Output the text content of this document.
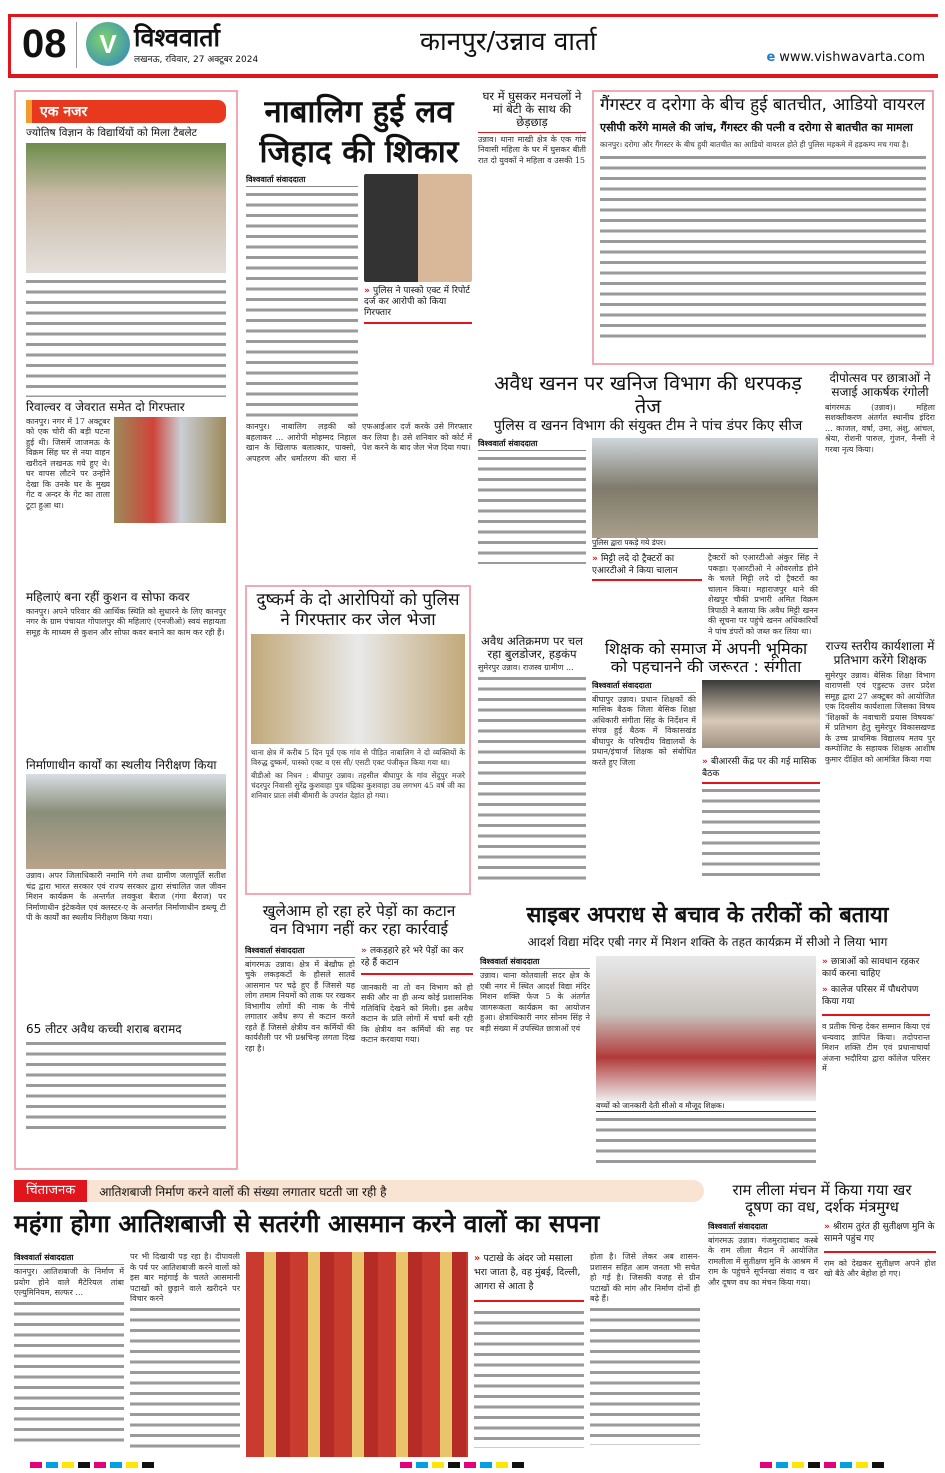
08	V विश्ववार्ता
लखनऊ, रविवार, 27 अक्टूबर 2024
कानपुर/उन्नाव वार्ता
e www.vishwavarta.com
एक नजर
ज्योतिष विज्ञान के विद्यार्थियों को मिला टैबलेट
रिवाल्वर व जेवरात समेत दो गिरफ्तार
कानपुर। नगर में 17 अक्टूबर को एक चोरी की बड़ी घटना हुई थी। जिसमें जाजमऊ के विक्रम सिंह घर से नया वाहन खरीदने लखनऊ गये हुए थे। घर वापस लौटने पर उन्होंने देखा कि उनके घर के मुख्य गेट व अन्दर के गेट का ताला टूटा हुआ था।
महिलाएं बना रहीं कुशन व सोफा कवर
कानपुर। अपने परिवार की आर्थिक स्थिति को सुधारने के लिए कानपुर नगर के ग्राम पंचायत गोपालपुर की महिलाएं (एनजीओ) स्वयं सहायता समूह के माध्यम से कुशन और सोफा कवर बनाने का काम कर रही हैं।
निर्माणाधीन कार्यों का स्थलीय निरीक्षण किया
उन्नाव। अपर जिलाधिकारी नमामि गंगे तथा ग्रामीण जलापूर्ति सतीश चंद्र द्वारा भारत सरकार एवं राज्य सरकार द्वारा संचालित जल जीवन मिशन कार्यक्रम के अन्तर्गत लवकुश बैराज (गंगा बैराज) पर निर्माणाधीन इंटेकवेल एवं क्लस्टर-ए के अन्तर्गत निर्माणाधीन डब्ल्यू टी पी के कार्यों का स्थलीय निरीक्षण किया गया।
65 लीटर अवैध कच्ची शराब बरामद
नाबालिग हुई लव
जिहाद की शिकार
विश्ववार्ता संवाददाता
» पुलिस ने पास्को एक्ट में रिपोर्ट दर्ज कर आरोपी को किया गिरफ्तार
कानपुर। नाबालिग लड़की को बहलाकर ... आरोपी मोहम्मद निहाल खान के खिलाफ बलात्कार, पाक्सो, अपहरण और धर्मांतरण की धारा में एफआईआर दर्ज करके उसे गिरफ्तार कर लिया है। उसे शनिवार को कोर्ट में पेश करने के बाद जेल भेज दिया गया।
घर में घुसकर मनचलों ने मां बेटी के साथ की छेड़छाड़
उन्नाव। थाना माखी क्षेत्र के एक गांव निवासी महिला के घर में घुसकर बीती रात दो युवकों ने महिला व उसकी 15
गैंगस्टर व दरोगा के बीच हुई बातचीत, आडियो वायरल
एसीपी करेंगे मामले की जांच, गैंगस्टर की पत्नी व दरोगा से बातचीत का मामला
कानपुर। दरोगा और गैंगस्टर के बीच हुयी बातचीत का आडियो वायरल होते ही पुलिस महकमे में हड़कम्प मच गया है।
अवैध खनन पर खनिज विभाग की धरपकड़ तेज
पुलिस व खनन विभाग की संयुक्त टीम ने पांच डंपर किए सीज
विश्ववार्ता संवाददाता
पुलिस द्वारा पकड़े गये डंपर।
» मिट्टी लदे दो ट्रैक्टरों का एआरटीओ ने किया चालान
ट्रैक्टरों को एआरटीओ अंकुर सिंह ने पकड़ा। एआरटीओ ने ओवरलोड होने के चलते मिट्टी लदे दो ट्रैक्टरों का चालान किया। महाराजपुर थाने की शेखपुर चौकी प्रभारी अमित विक्रम त्रिपाठी ने बताया कि अवैध मिट्टी खनन की सूचना पर पहुंचे खनन अधिकारियों ने पांच डंपरों को जब्त कर लिया था।
दीपोत्सव पर छात्राओं ने सजाई आकर्षक रंगोली
बांगरमऊ (उन्नाव)। महिला सशक्तीकरण अंतर्गत स्थानीय इंदिरा ... काजल, वर्षा, उमा, अंशु, आंचल, श्रेया, रोशनी पारुल, गुंजन, नैन्सी ने गरबा नृत्य किया।
दुष्कर्म के दो आरोपियों को पुलिस
ने गिरफ्तार कर जेल भेजा
थाना क्षेत्र में करीब 5 दिन पूर्व एक गांव से पीड़ित नाबालिग ने दो व्यक्तियों के विरुद्ध दुष्कर्म, पास्को एक्ट व एस सी/ एसटी एक्ट पंजीकृत किया गया था।
बीडीओ का निधन : बीघापुर उन्नाव। तहसील बीघापुर के गांव सेंदुपुर मजरे चंदरपुर निवासी सुरेंद्र कुशवाहा पुत्र चंद्रिका कुशवाहा उम्र लगभग 45 वर्ष जी का शनिवार प्रातः लंबी बीमारी के उपरांत देहांत हो गया।
अवैध अतिक्रमण पर चल रहा बुलडोजर, हड़कंप
सुमेरपुर उन्नाव। राजस्व ग्रामीण ...
शिक्षक को समाज में अपनी भूमिका
को पहचानने की जरूरत : संगीता
विश्ववार्ता संवाददाता
बीघापुर उन्नाव। प्रधान शिक्षकों की मासिक बैठक जिला बेसिक शिक्षा अधिकारी संगीता सिंह के निर्देशन में संपन्न हुई बैठक में विकासखंड बीघापुर के परिषदीय विद्यालयों के प्रधान/इंचार्ज शिक्षक को संबोधित करते हुए जिला	» बीआरसी केंद्र पर की गई मासिक बैठक
राज्य स्तरीय कार्यशाला में प्रतिभाग करेंगे शिक्षक
सुमेरपुर उन्नाव। बेसिक शिक्षा विभाग वाराणसी एवं एडुस्टफ उत्तर प्रदेश समूह द्वारा 27 अक्टूबर को आयोजित एक दिवसीय कार्यशाला जिसका विषय 'शिक्षकों के नवाचारी प्रयास विषयक' में प्रतिभाग हेतु सुमेरपुर विकासखण्ड के उच्च प्राथमिक विद्यालय मतय पुर कम्पोजिट के सहायक शिक्षक आशीष कुमार दीक्षित को आमंत्रित किया गया
खुलेआम हो रहा हरे पेड़ों का कटान
वन विभाग नहीं कर रहा कार्रवाई
विश्ववार्ता संवाददाता
बांगरमऊ उन्नाव। क्षेत्र में बेखौफ हो चुके लकड़कटों के हौसले सातवें आसमान पर चढ़े हुए हैं जिससे यह लोग तमाम नियमों को ताक पर रखकर विभागीय लोगों की नाक के नीचे लगातार अवैध रूप से कटान करते रहते हैं जिससे क्षेत्रीय वन कर्मियों की कार्यशैली पर भी प्रश्नचिन्ह लगता दिख रहा है।
» लकड़हारे हरे भरे पेड़ों का कर रहे हैं कटान
जानकारी ना तो वन विभाग को हो सकी और ना ही अन्य कोई प्रशासनिक गतिविधि देखने को मिली। इस अवैध कटान के प्रति लोगों में चर्चा बनी रही कि क्षेत्रीय वन कर्मियों की सह पर कटान करवाया गया।
साइबर अपराध से बचाव के तरीकों को बताया
आदर्श विद्या मंदिर एबी नगर में मिशन शक्ति के तहत कार्यक्रम में सीओ ने लिया भाग
विश्ववार्ता संवाददाता
उन्नाव। थाना कोतवाली सदर क्षेत्र के एबी नगर में स्थित आदर्श विद्या मंदिर मिशन शक्ति फेज 5 के अंतर्गत जागरूकता कार्यक्रम का आयोजन हुआ। क्षेत्राधिकारी नगर सोनम सिंह ने बड़ी संख्या में उपस्थित छात्राओं एवं
बच्चों को जानकारी देती सीओ व मौजूद शिक्षक।
» छात्राओं को सावधान रहकर कार्य करना चाहिए
» कालेज परिसर में पौधरोपण किया गया
व प्रतीक चिन्ह देकर सम्मान किया एवं धन्यवाद ज्ञापित किया। तदोपरान्त मिशन शक्ति टीम एवं प्रधानाचार्या अंजना भदौरिया द्वारा कॉलेज परिसर में
चिंताजनक	आतिशबाजी निर्माण करने वालों की संख्या लगातार घटती जा रही है
महंगा होगा आतिशबाजी से सतरंगी आसमान करने वालों का सपना
विश्ववार्ता संवाददाता
कानपुर। आतिशबाजी के निर्माण में प्रयोग होने वाले मैटेरियल तांबा एल्युमिनियम, सल्फर ...
पर भी दिखायी पड़ रहा है। दीपावली के पर्व पर आतिशबाजी करने वालों को इस बार महंगाई के चलते आसमानी पटाखों को छुड़ाने वाले खरीदने पर विचार करने
» पटाखे के अंदर जो मसाला भरा जाता है, वह मुंबई, दिल्ली, आगरा से आता है
होता है। जिसे लेकर अब शासन-प्रशासन सहित आम जनता भी सचेत हो गई है। जिसकी वजह से ग्रीन पटाखों की मांग और निर्माण दोनों ही बढ़े हैं।
राम लीला मंचन में किया गया खर
दूषण का वध, दर्शक मंत्रमुग्ध
विश्ववार्ता संवाददाता
बांगरमऊ उन्नाव। गंजमुरादाबाद कस्बे के राम लीला मैदान में आयोजित रामलीला में सुतीक्षण मुनि के आश्रम में राम के पहुंचने सूर्पनखा संवाद व खर और दूषण वध का मंचन किया गया।
» श्रीराम तुरंत ही सुतीक्षण मुनि के सामने पहुंच गए
राम को देखकर सुतीक्षण अपने होश खो बैठे और बेहोश हो गए।
